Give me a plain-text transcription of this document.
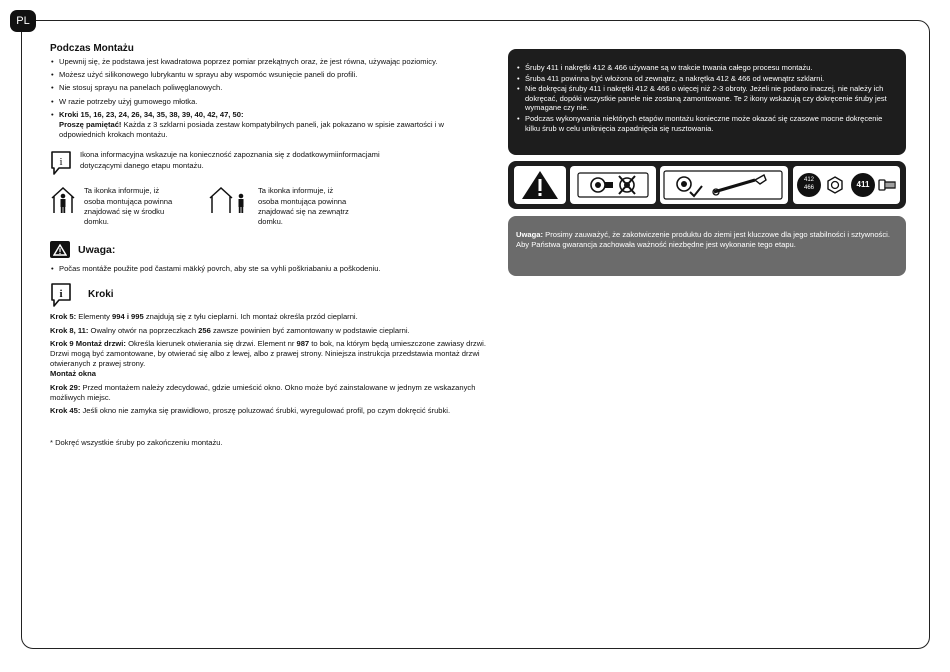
PL
Podczas Montażu
• Upewnij się, że podstawa jest kwadratowa poprzez pomiar przekątnych oraz, że jest równa, używając poziomicy.
• Możesz użyć silikonowego lubrykantu w sprayu aby wspomóc wsunięcie paneli do profili.
• Nie stosuj sprayu na panelach poliwęglanowych.
• W razie potrzeby użyj gumowego młotka.
• Kroki 15, 16, 23, 24, 26, 34, 35, 38, 39, 40, 42, 47, 50:
Proszę pamiętać! Każda z 3 szklarni posiada zestaw kompatybilnych paneli, jak pokazano w spisie zawartości i w odpowiednich krokach montażu.
i
Ikona informacyjna wskazuje na konieczność zapoznania się z dodatkowymiinformacjami dotyczącymi danego etapu montażu.
Ta ikonka informuje, iż osoba montująca powinna znajdować się w środku domku.
Ta ikonka informuje, iż osoba montująca powinna znajdować się na zewnątrz domku.
Uwaga:
• Počas montáže použite pod častami mäkký povrch, aby ste sa vyhli poškriabaniu a poškodeniu.
i	Kroki

Krok 5: Elementy 994 i 995 znajdują się z tyłu cieplarni. Ich montaż określa przód cieplarni.

Krok 8, 11: Owalny otwór na poprzeczkach 256 zawsze powinien być zamontowany w podstawie cieplarni.

Krok 9 Montaż drzwi: Określa kierunek otwierania się drzwi. Element nr 987 to bok, na którym będą umieszczone zawiasy drzwi. Drzwi mogą być zamontowane, by otwierać się albo z lewej, albo z prawej strony. Niniejsza instrukcja przedstawia montaż drzwi otwieranych z prawej strony.

Montaż okna

Krok 29: Przed montażem należy zdecydować, gdzie umieścić okno. Okno może być zainstalowane w jednym ze wskazanych możliwych miejsc.

Krok 45: Jeśli okno nie zamyka się prawidłowo, proszę poluzować śrubki, wyregulować profil, po czym dokręcić śrubki.

* Dokręć wszystkie śruby po zakończeniu montażu.
• Śruby 411 i nakrętki 412 & 466 używane są w trakcie trwania całego procesu montażu.
• Śruba 411 powinna być włożona od zewnątrz, a nakrętka 412 & 466 od wewnątrz szklarni.
• Nie dokręcaj śruby 411 i nakrętki 412 & 466 o więcej niż 2-3 obroty. Jeżeli nie podano inaczej, nie należy ich dokręcać, dopóki wszystkie panele nie zostaną zamontowane. Te 2 ikony wskazują czy dokręcenie śruby jest wymagane czy nie.
• Podczas wykonywania niektórych etapów montażu konieczne może okazać się czasowe mocne dokręcenie kilku śrub w celu uniknięcia zapadnięcia się rusztowania.
412
466	411
Uwaga: Prosimy zauważyć, że zakotwiczenie produktu do ziemi jest kluczowe dla jego stabilności i sztywności. Aby Państwa gwarancja zachowała ważność niezbędne jest wykonanie tego etapu.
